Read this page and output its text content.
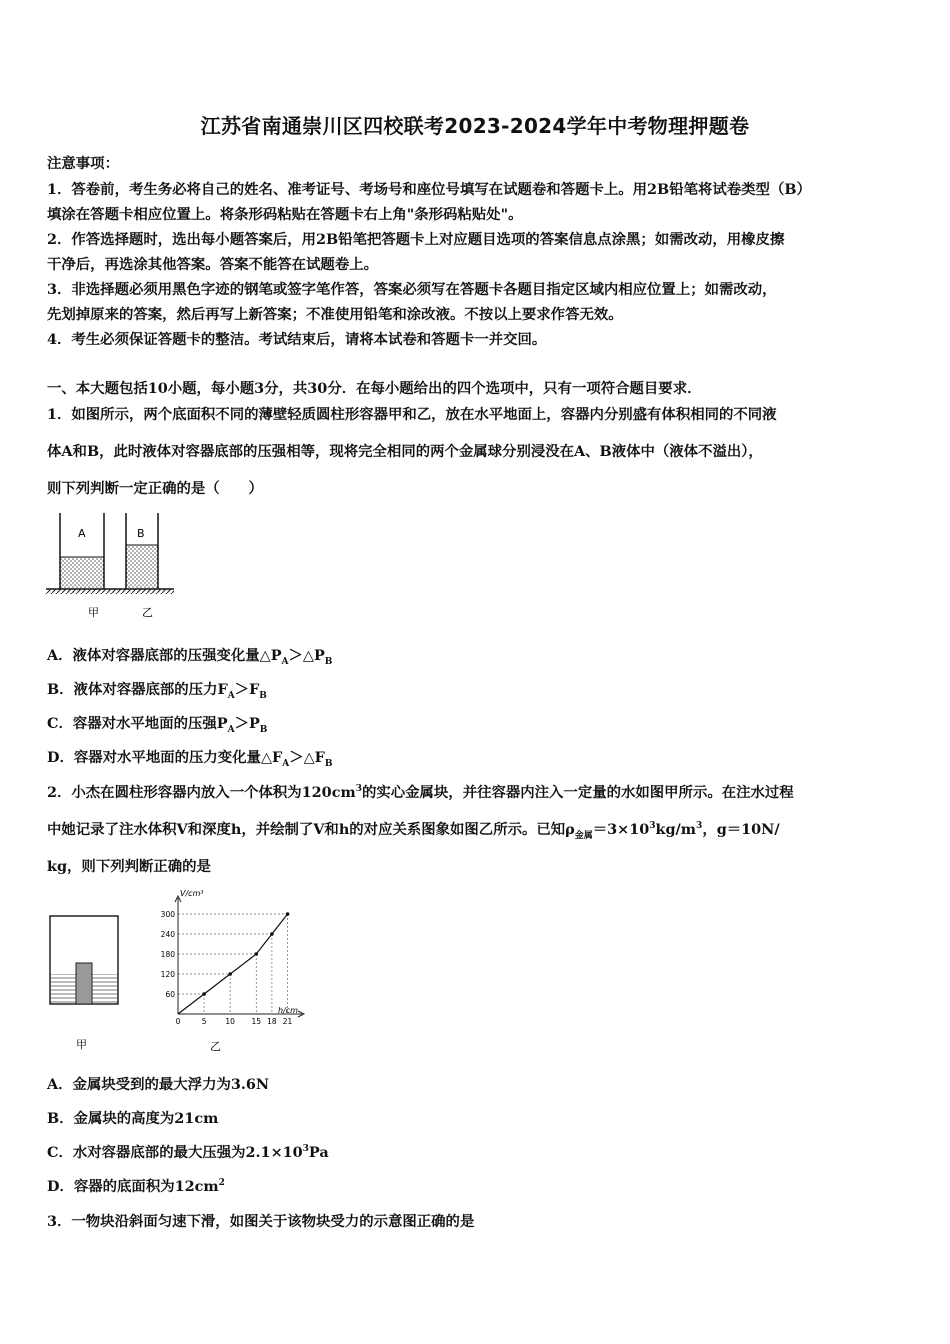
江苏省南通崇川区四校联考2023-2024学年中考物理押题卷
注意事项：
1．答卷前，考生务必将自己的姓名、准考证号、考场号和座位号填写在试题卷和答题卡上。用2B铅笔将试卷类型（B）
填涂在答题卡相应位置上。将条形码粘贴在答题卡右上角"条形码粘贴处"。
2．作答选择题时，选出每小题答案后，用2B铅笔把答题卡上对应题目选项的答案信息点涂黑；如需改动，用橡皮擦
干净后，再选涂其他答案。答案不能答在试题卷上。
3．非选择题必须用黑色字迹的钢笔或签字笔作答，答案必须写在答题卡各题目指定区域内相应位置上；如需改动，
先划掉原来的答案，然后再写上新答案；不准使用铅笔和涂改液。不按以上要求作答无效。
4．考生必须保证答题卡的整洁。考试结束后，请将本试卷和答题卡一并交回。
一、本大题包括10小题，每小题3分，共30分．在每小题给出的四个选项中，只有一项符合题目要求．
1．如图所示，两个底面积不同的薄壁轻质圆柱形容器甲和乙，放在水平地面上，容器内分别盛有体积相同的不同液
体A和B，此时液体对容器底部的压强相等，现将完全相同的两个金属球分别浸没在A、B液体中（液体不溢出），
则下列判断一定正确的是（　　）
A	B
甲	乙
A．液体对容器底部的压强变化量$\triangle P_A>\triangle P_B$
B．液体对容器底部的压力$F_A>F_B$
C．容器对水平地面的压强$P_A>P_B$
D．容器对水平地面的压力变化量$\triangle F_A>\triangle F_B$
2．小杰在圆柱形容器内放入一个体积为$120cm^3$的实心金属块，并往容器内注入一定量的水如图甲所示。在注水过程
中她记录了注水体积V和深度h，并绘制了V和h的对应关系图象如图乙所示。已知$\rho_{金属}=3\times 10^3kg/m^3$，g＝10N/
kg，则下列判断正确的是
甲
60
120
180
240
300
0	5	10 15 18 21
V/cm³
h/cm
乙
A．金属块受到的最大浮力为3.6N
B．金属块的高度为21cm
C．水对容器底部的最大压强为$2.1\times 10^3Pa$
D．容器的底面积为$12cm^2$
3．一物块沿斜面匀速下滑，如图关于该物块受力的示意图正确的是
